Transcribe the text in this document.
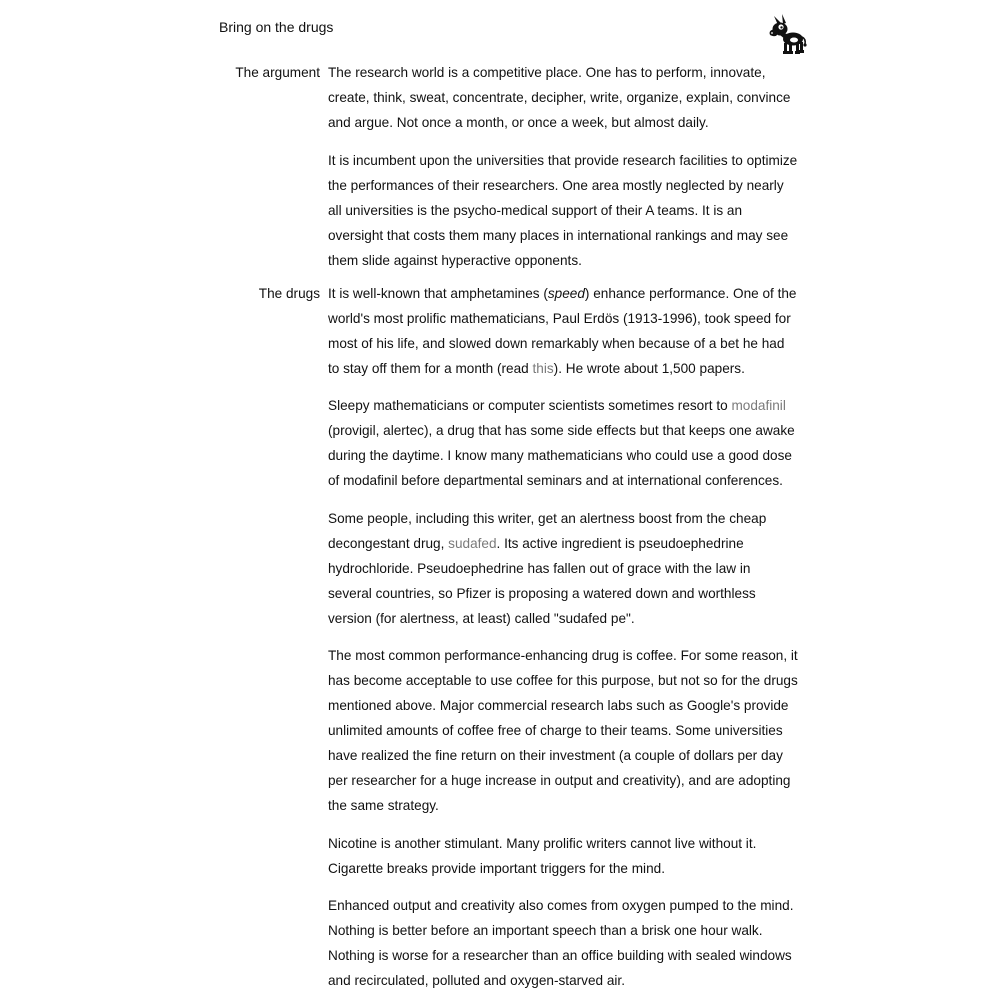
Bring on the drugs
The argument The research world is a competitive place. One has to perform, innovate, create, think, sweat, concentrate, decipher, write, organize, explain, convince and argue. Not once a month, or once a week, but almost daily.

It is incumbent upon the universities that provide research facilities to optimize the performances of their researchers. One area mostly neglected by nearly all universities is the psycho-medical support of their A teams. It is an oversight that costs them many places in international rankings and may see them slide against hyperactive opponents.

The drugs It is well-known that amphetamines (speed) enhance performance. One of the world's most prolific mathematicians, Paul Erdös (1913-1996), took speed for most of his life, and slowed down remarkably when because of a bet he had to stay off them for a month (read this). He wrote about 1,500 papers.

Sleepy mathematicians or computer scientists sometimes resort to modafinil (provigil, alertec), a drug that has some side effects but that keeps one awake during the daytime. I know many mathematicians who could use a good dose of modafinil before departmental seminars and at international conferences.

Some people, including this writer, get an alertness boost from the cheap decongestant drug, sudafed. Its active ingredient is pseudoephedrine hydrochloride. Pseudoephedrine has fallen out of grace with the law in several countries, so Pfizer is proposing a watered down and worthless version (for alertness, at least) called "sudafed pe".

The most common performance-enhancing drug is coffee. For some reason, it has become acceptable to use coffee for this purpose, but not so for the drugs mentioned above. Major commercial research labs such as Google's provide unlimited amounts of coffee free of charge to their teams. Some universities have realized the fine return on their investment (a couple of dollars per day per researcher for a huge increase in output and creativity), and are adopting the same strategy.

Nicotine is another stimulant. Many prolific writers cannot live without it. Cigarette breaks provide important triggers for the mind.

Enhanced output and creativity also comes from oxygen pumped to the mind. Nothing is better before an important speech than a brisk one hour walk. Nothing is worse for a researcher than an office building with sealed windows and recirculated, polluted and oxygen-starved air.
